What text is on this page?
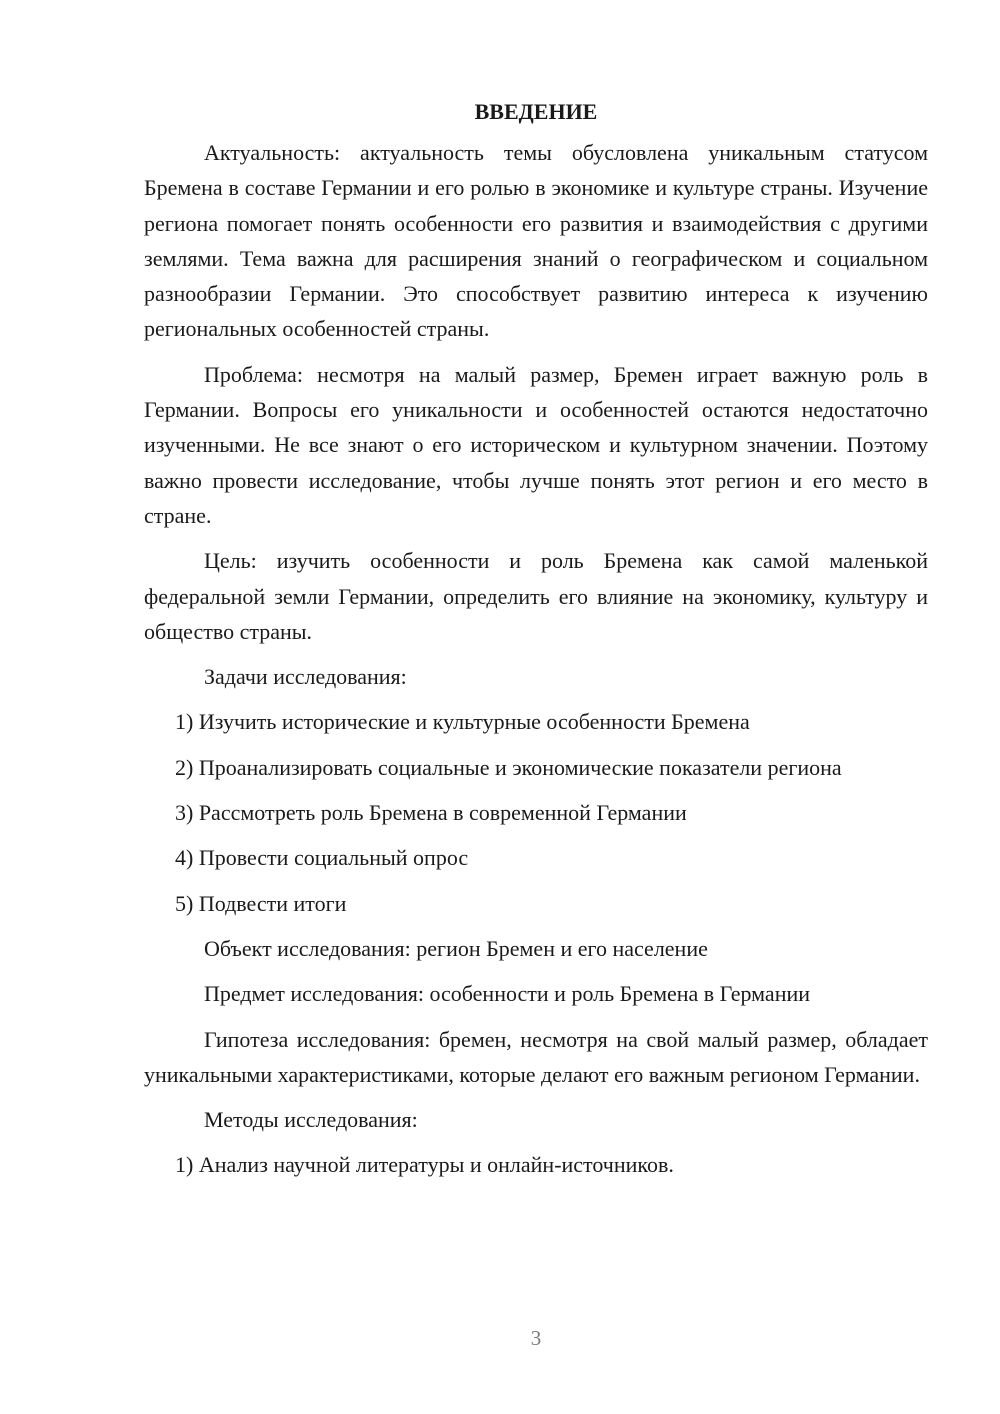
ВВЕДЕНИЕ

Актуальность: актуальность темы обусловлена уникальным статусом Бремена в составе Германии и его ролью в экономике и культуре страны. Изучение региона помогает понять особенности его развития и взаимодействия с другими землями. Тема важна для расширения знаний о географическом и социальном разнообразии Германии. Это способствует развитию интереса к изучению региональных особенностей страны.

Проблема: несмотря на малый размер, Бремен играет важную роль в Германии. Вопросы его уникальности и особенностей остаются недостаточно изученными. Не все знают о его историческом и культурном значении. Поэтому важно провести исследование, чтобы лучше понять этот регион и его место в стране.

Цель: изучить особенности и роль Бремена как самой маленькой федеральной земли Германии, определить его влияние на экономику, культуру и общество страны.

Задачи исследования:

1) Изучить исторические и культурные особенности Бремена

2) Проанализировать социальные и экономические показатели региона

3) Рассмотреть роль Бремена в современной Германии

4) Провести социальный опрос

5) Подвести итоги

Объект исследования: регион Бремен и его население

Предмет исследования: особенности и роль Бремена в Германии

Гипотеза исследования: бремен, несмотря на свой малый размер, обладает уникальными характеристиками, которые делают его важным регионом Германии.

Методы исследования:

1) Анализ научной литературы и онлайн-источников.

3
